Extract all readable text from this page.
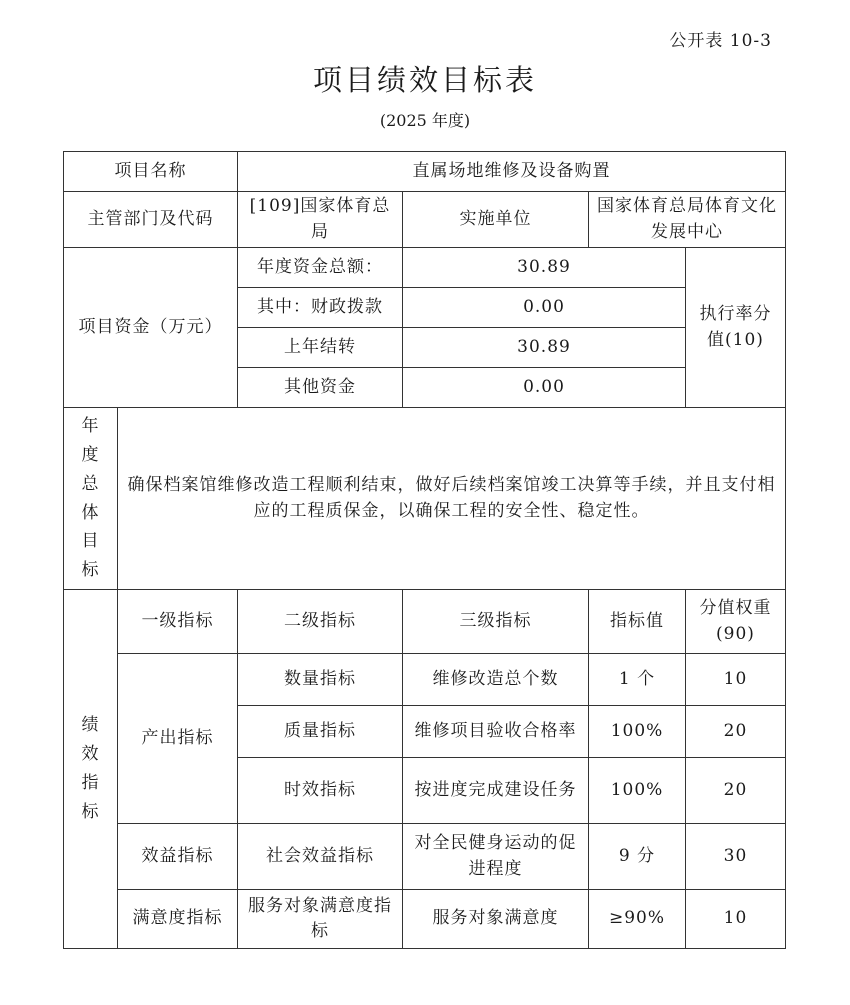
公开表 10-3
项目绩效目标表
(2025 年度)
项目名称		直属场地维修及设备购置			
主管部门及代码		[109]国家体育总局	实施单位	国家体育总局体育文化发展中心	
项目资金（万元）		年度资金总额：	30.89		执行率分值(10)
		其中：财政拨款	0.00		
		上年结转	30.89		
		其他资金	0.00		
年度总体目标	确保档案馆维修改造工程顺利结束，做好后续档案馆竣工决算等手续，并且支付相应的工程质保金，以确保工程的安全性、稳定性。				
绩效指标	一级指标	二级指标	三级指标	指标值	分值权重(90)
	产出指标	数量指标	维修改造总个数	1 个	10
		质量指标	维修项目验收合格率	100%	20
		时效指标	按进度完成建设任务	100%	20
	效益指标	社会效益指标	对全民健身运动的促进程度	9 分	30
	满意度指标	服务对象满意度指标	服务对象满意度	≥90%	10
